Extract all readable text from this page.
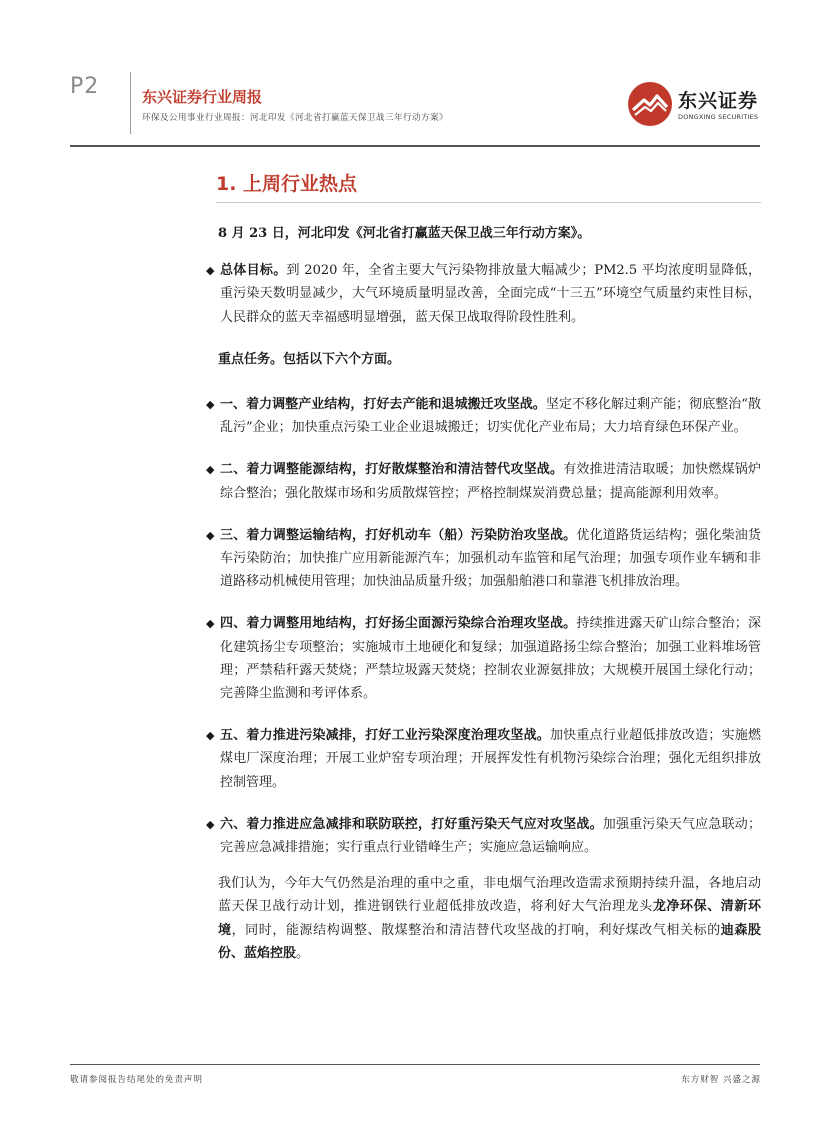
P2	东兴证券行业周报
环保及公用事业行业周报：河北印发《河北省打赢蓝天保卫战三年行动方案》
东兴证券
DONGXING SECURITIES
1. 上周行业热点

8 月 23 日，河北印发《河北省打赢蓝天保卫战三年行动方案》。

◆ 总体目标。到 2020 年，全省主要大气污染物排放量大幅减少；PM2.5 平均浓度明显降低，重污染天数明显减少，大气环境质量明显改善，全面完成“十三五”环境空气质量约束性目标，人民群众的蓝天幸福感明显增强，蓝天保卫战取得阶段性胜利。

重点任务。包括以下六个方面。

◆ 一、着力调整产业结构，打好去产能和退城搬迁攻坚战。坚定不移化解过剩产能；彻底整治“散乱污”企业；加快重点污染工业企业退城搬迁；切实优化产业布局；大力培育绿色环保产业。

◆ 二、着力调整能源结构，打好散煤整治和清洁替代攻坚战。有效推进清洁取暖；加快燃煤锅炉综合整治；强化散煤市场和劣质散煤管控；严格控制煤炭消费总量；提高能源利用效率。

◆ 三、着力调整运输结构，打好机动车（船）污染防治攻坚战。优化道路货运结构；强化柴油货车污染防治；加快推广应用新能源汽车；加强机动车监管和尾气治理；加强专项作业车辆和非道路移动机械使用管理；加快油品质量升级；加强船舶港口和靠港飞机排放治理。

◆ 四、着力调整用地结构，打好扬尘面源污染综合治理攻坚战。持续推进露天矿山综合整治；深化建筑扬尘专项整治；实施城市土地硬化和复绿；加强道路扬尘综合整治；加强工业料堆场管理；严禁秸秆露天焚烧；严禁垃圾露天焚烧；控制农业源氨排放；大规模开展国土绿化行动；完善降尘监测和考评体系。

◆ 五、着力推进污染减排，打好工业污染深度治理攻坚战。加快重点行业超低排放改造；实施燃煤电厂深度治理；开展工业炉窑专项治理；开展挥发性有机物污染综合治理；强化无组织排放控制管理。

◆ 六、着力推进应急减排和联防联控，打好重污染天气应对攻坚战。加强重污染天气应急联动；完善应急减排措施；实行重点行业错峰生产；实施应急运输响应。

我们认为，今年大气仍然是治理的重中之重，非电烟气治理改造需求预期持续升温，各地启动蓝天保卫战行动计划，推进钢铁行业超低排放改造，将利好大气治理龙头龙净环保、清新环境，同时，能源结构调整、散煤整治和清洁替代攻坚战的打响，利好煤改气相关标的迪森股份、蓝焰控股。

敬请参阅报告结尾处的免责声明	东方财智 兴盛之源
